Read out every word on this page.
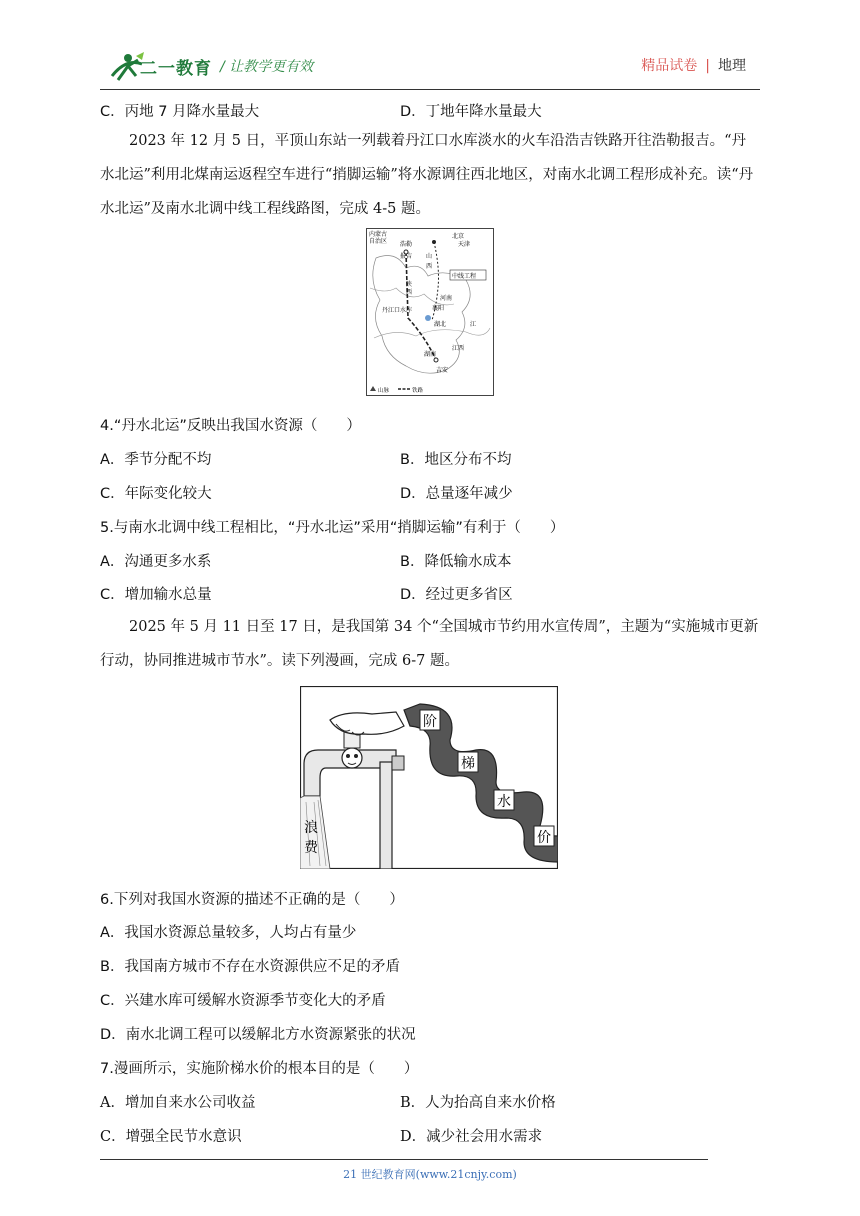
二一教育 / 让教学更有效	精品试卷 | 地理
C．丙地 7 月降水量最大	D．丁地年降水量最大
2023 年 12 月 5 日，平顶山东站一列载着丹江口水库淡水的火车沿浩吉铁路开往浩勒报吉。“丹水北运”利用北煤南运返程空车进行“捎脚运输”将水源调往西北地区，对南水北调工程形成补充。读“丹水北运”及南水北调中线工程线路图，完成 4-5 题。
内蒙古
自治区 浩勒
报吉 山
西
北京
天津
中线工程
陕
西
河南
丹江口水库	襄阳
湖北	江
湖南
江西
吉安
山脉	铁路
4.“丹水北运”反映出我国水资源（　　）
A．季节分配不均	B．地区分布不均
C．年际变化较大	D．总量逐年减少
5.与南水北调中线工程相比，“丹水北运”采用“捎脚运输”有利于（　　）
A．沟通更多水系	B．降低输水成本
C．增加输水总量	D．经过更多省区
2025 年 5 月 11 日至 17 日，是我国第 34 个“全国城市节约用水宣传周”，主题为“实施城市更新行动，协同推进城市节水”。读下列漫画，完成 6-7 题。
浪
费
阶
梯
水
价
6.下列对我国水资源的描述不正确的是（　　）
A．我国水资源总量较多，人均占有量少
B．我国南方城市不存在水资源供应不足的矛盾
C．兴建水库可缓解水资源季节变化大的矛盾
D．南水北调工程可以缓解北方水资源紧张的状况
7.漫画所示，实施阶梯水价的根本目的是（　　）
A．增加自来水公司收益	B．人为抬高自来水价格
C．增强全民节水意识	D．减少社会用水需求
21 世纪教育网(www.21cnjy.com)
